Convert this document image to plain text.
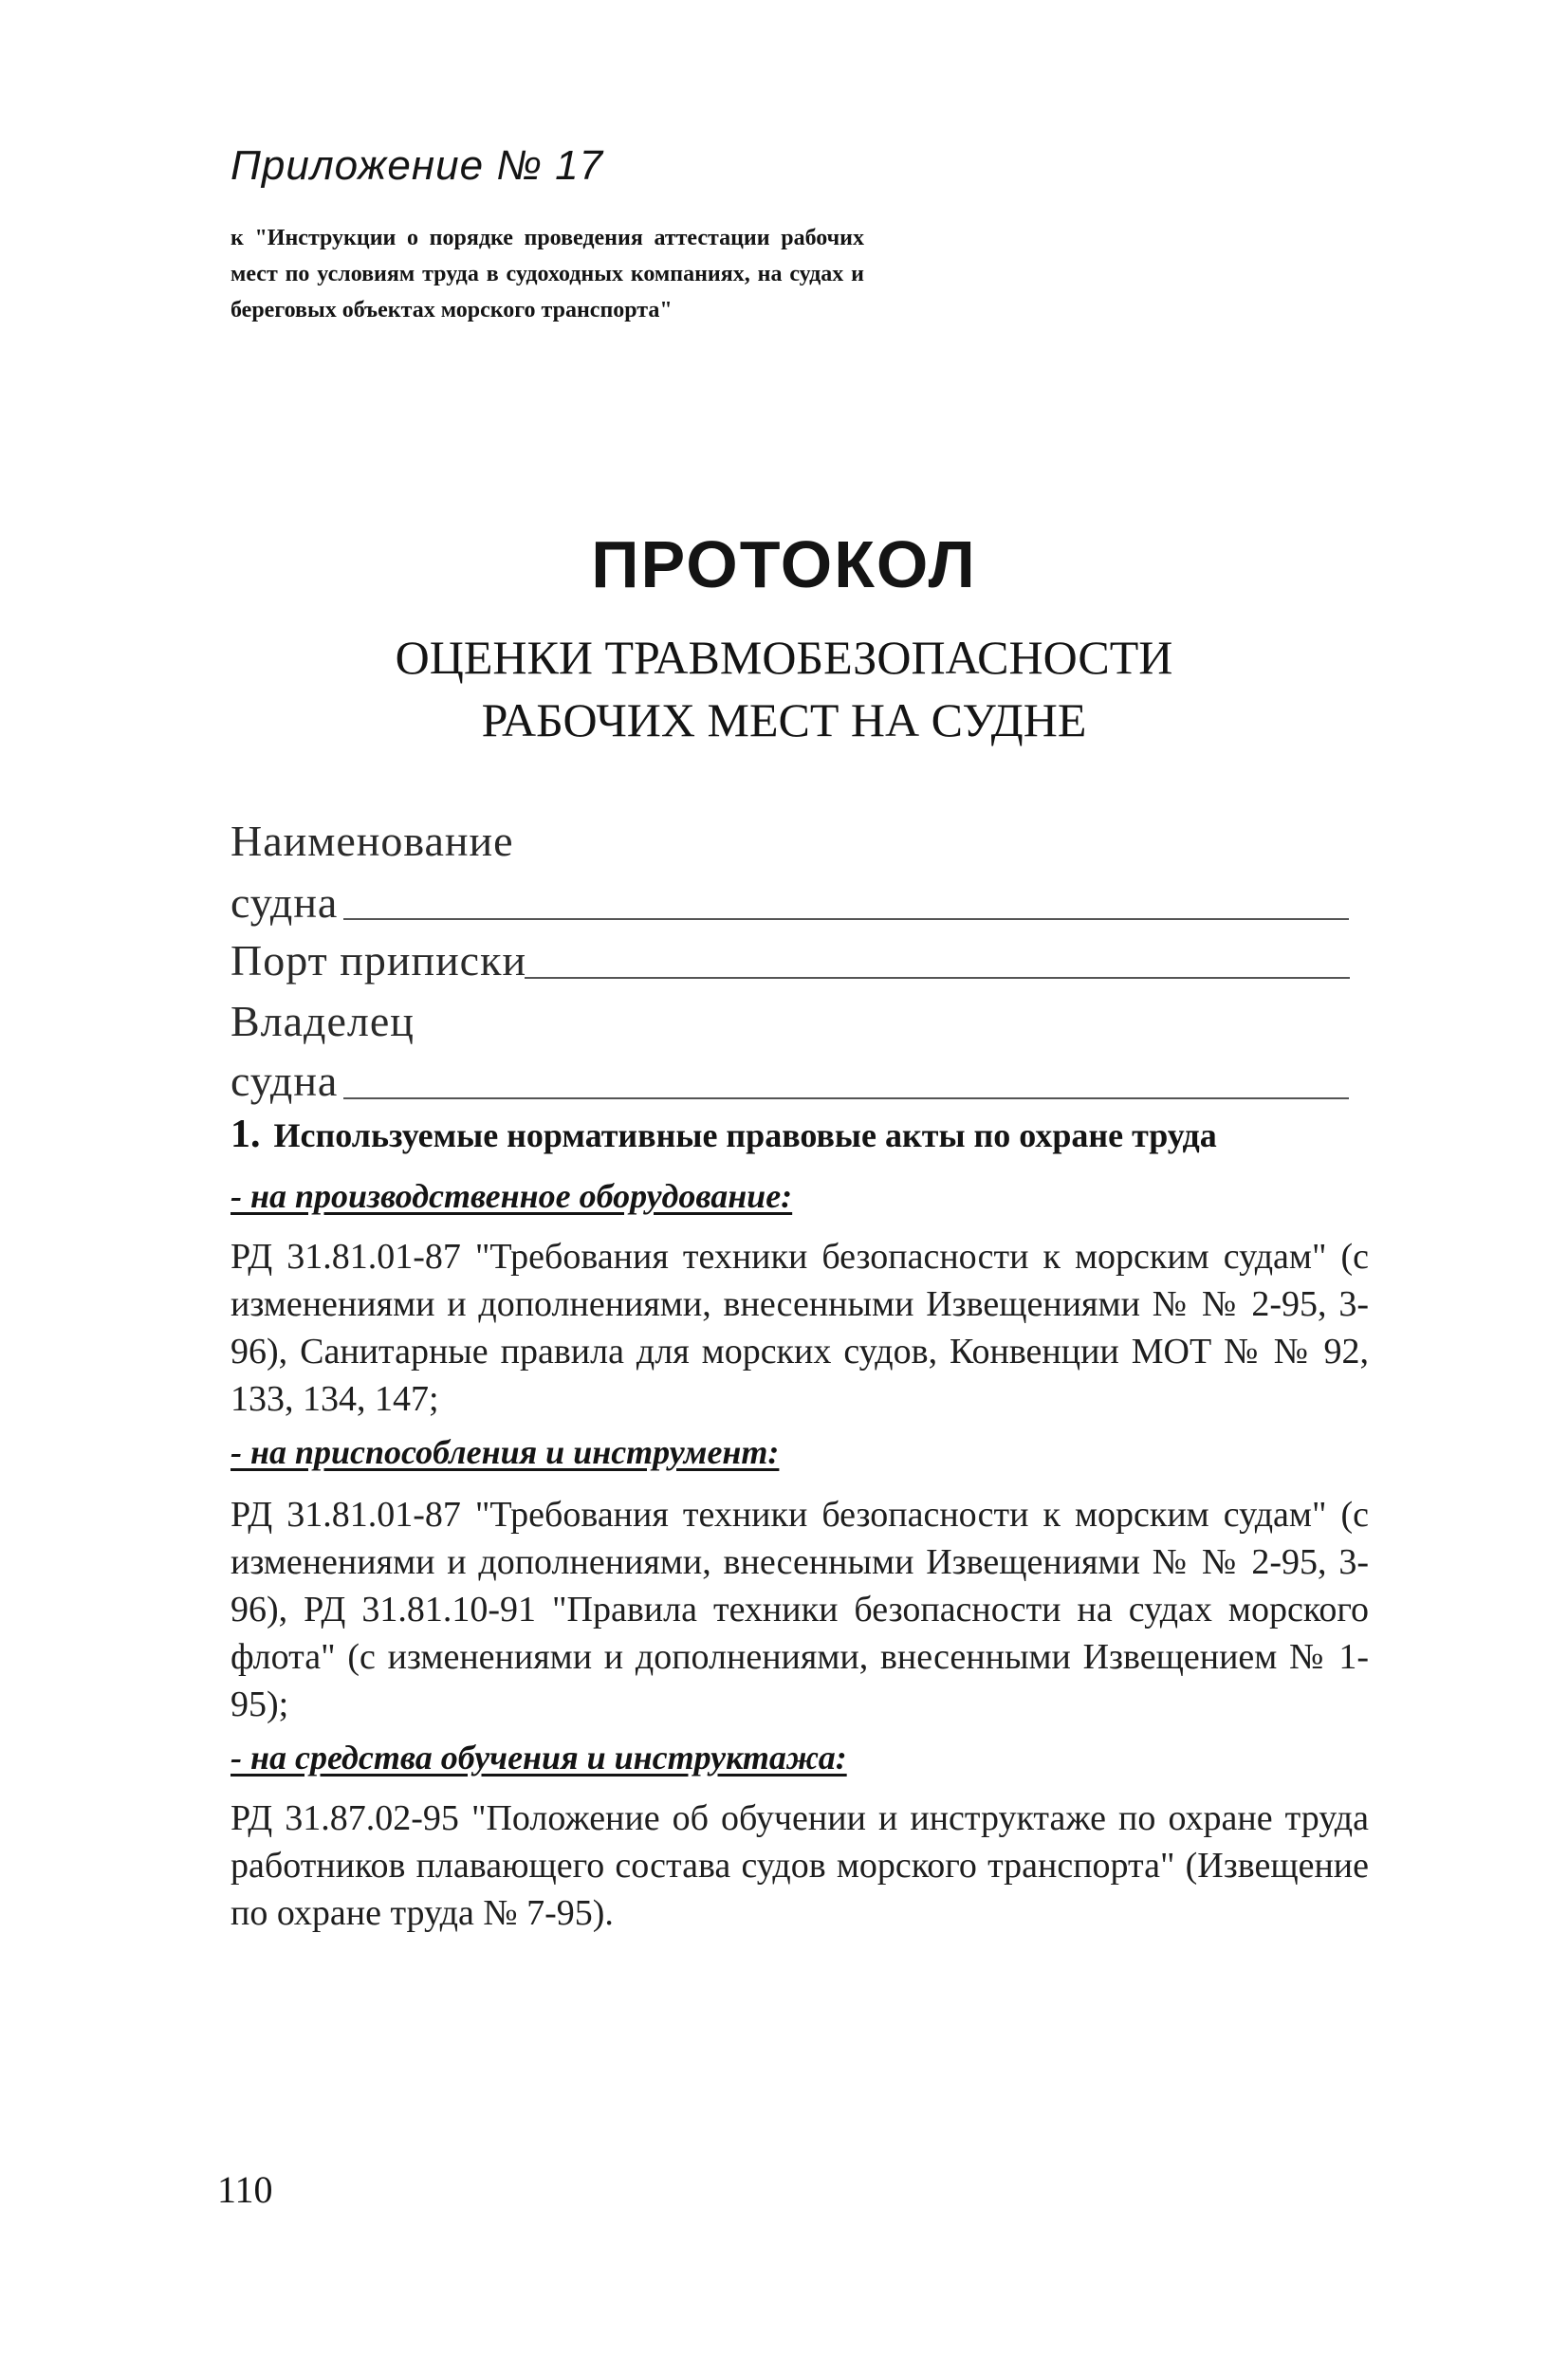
Приложение № 17
к "Инструкции о порядке проведения аттестации рабочих мест по условиям труда в судоходных компаниях, на судах и береговых объектах морского транспорта"
ПРОТОКОЛ
ОЦЕНКИ ТРАВМОБЕЗОПАСНОСТИ
РАБОЧИХ МЕСТ НА СУДНЕ
Наименование
судна
Порт приписки
Владелец
судна
1. Используемые нормативные правовые акты по охране труда
- на производственное оборудование:
РД 31.81.01-87 "Требования техники безопасности к морским судам" (с изменениями и дополнениями, внесенными Извещениями № № 2-95, 3-96), Санитарные правила для морских судов, Конвенции МОТ № № 92, 133, 134, 147;
- на приспособления и инструмент:
РД 31.81.01-87 "Требования техники безопасности к морским судам" (с изменениями и дополнениями, внесенными Извещениями № № 2-95, 3-96), РД 31.81.10-91 "Правила техники безопасности на судах морского флота" (с изменениями и дополнениями, внесенными Извещением № 1-95);
- на средства обучения и инструктажа:
РД 31.87.02-95 "Положение об обучении и инструктаже по охране труда работников плавающего состава судов морского транспорта" (Извещение по охране труда № 7-95).
110
